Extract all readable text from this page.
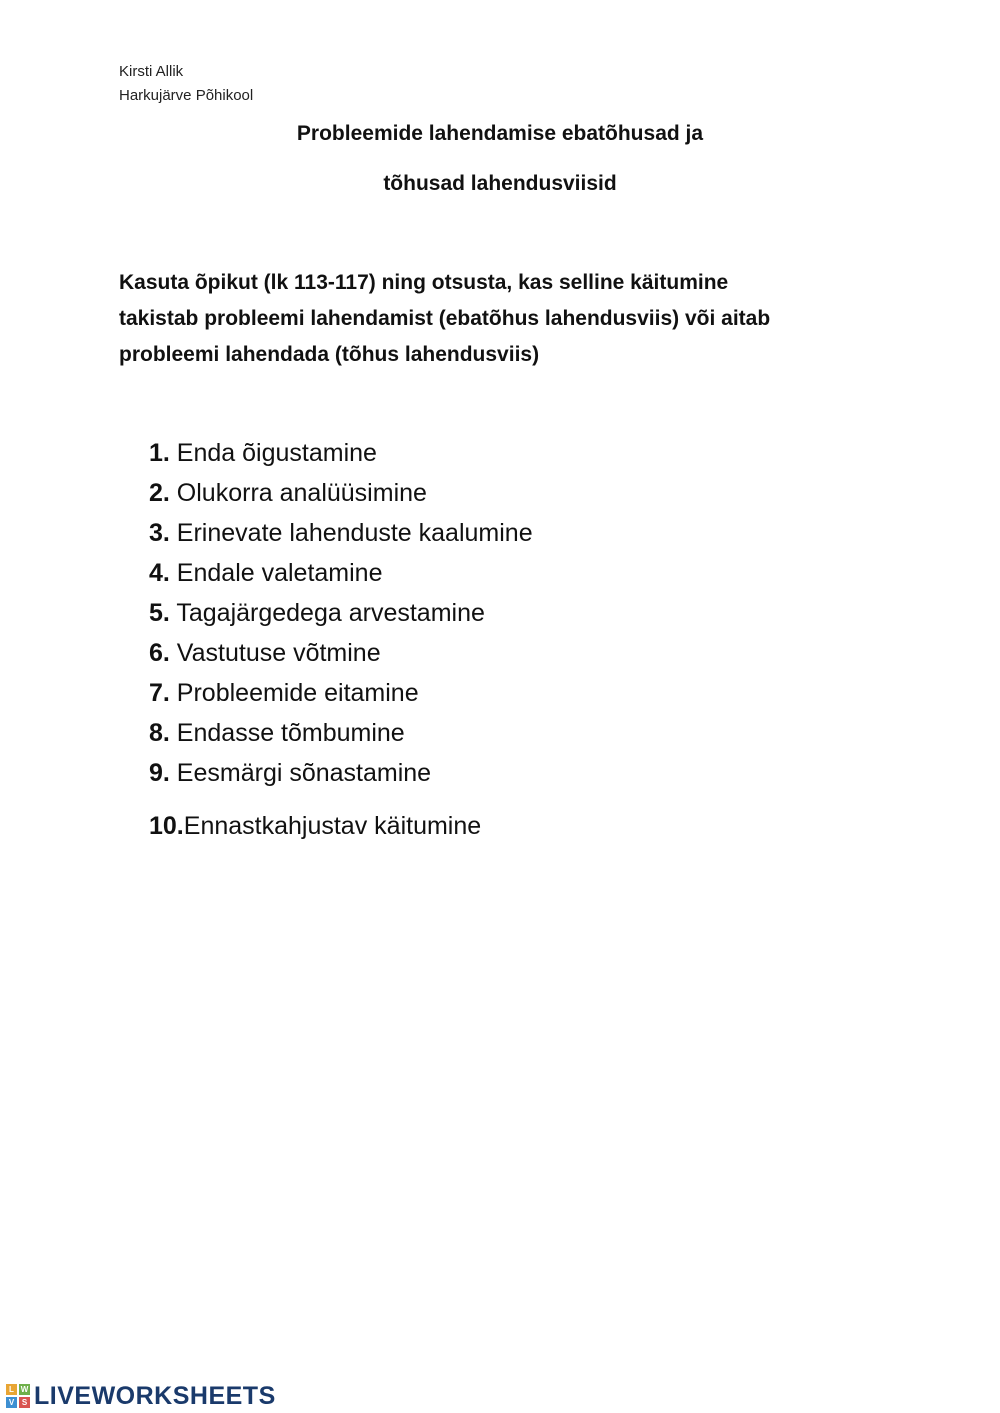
Kirsti Allik
Harkujärve Põhikool
Probleemide lahendamise ebatõhusad ja
tõhusad lahendusviisid
Kasuta õpikut (lk 113-117) ning otsusta, kas selline käitumine
takistab probleemi lahendamist (ebatõhus lahendusviis) või aitab
probleemi lahendada (tõhus lahendusviis)
1. Enda õigustamine
2. Olukorra analüüsimine
3. Erinevate lahenduste kaalumine
4. Endale valetamine
5. Tagajärgedega arvestamine
6. Vastutuse võtmine
7. Probleemide eitamine
8. Endasse tõmbumine
9. Eesmärgi sõnastamine
10.Ennastkahjustav käitumine
L W
V S LIVEWORKSHEETS
